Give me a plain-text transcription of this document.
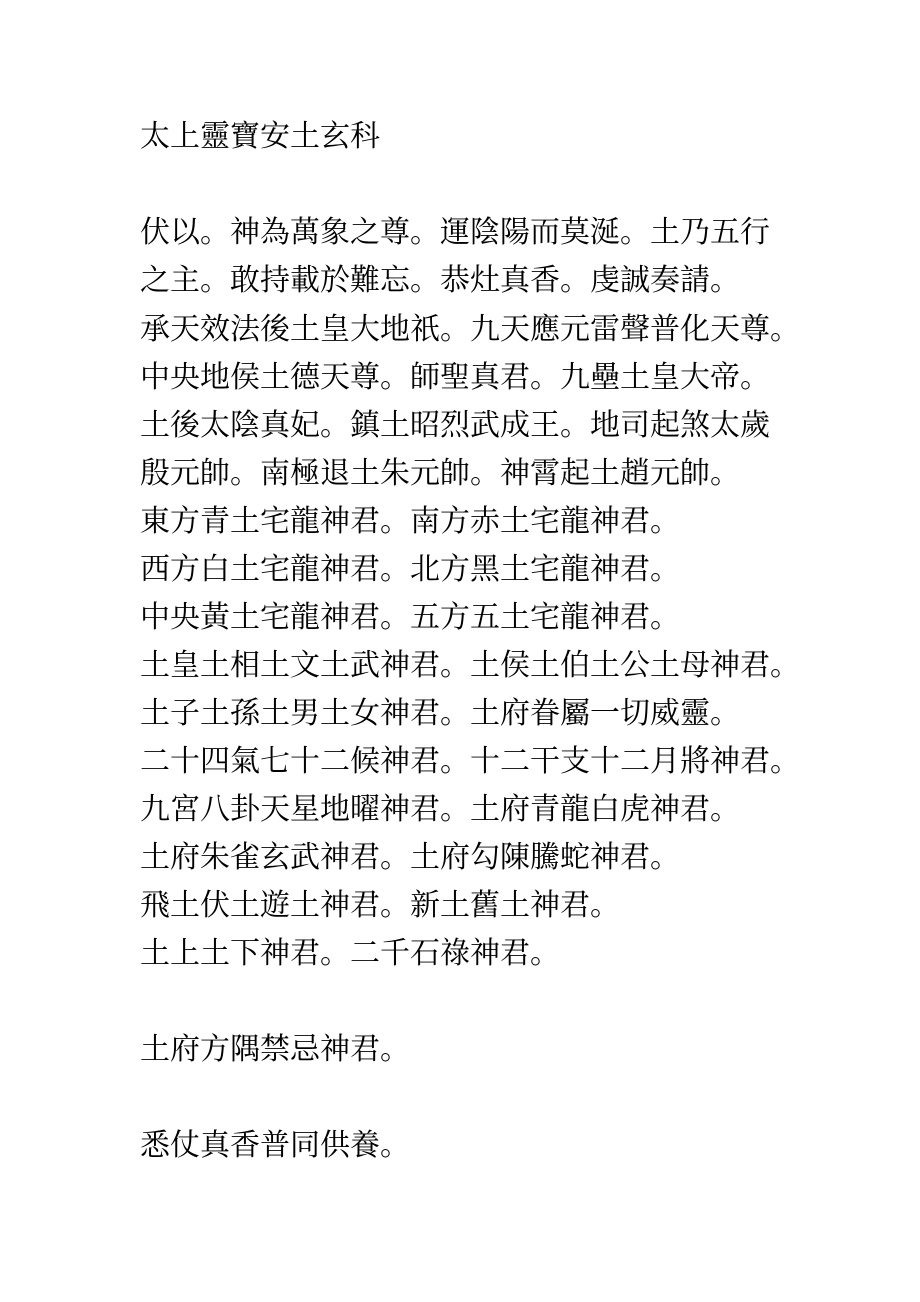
太上靈寶安土玄科
伏以。神為萬象之尊。運陰陽而莫涎。土乃五行
之主。敢持載於難忘。恭灶真香。虔誠奏請。
承天效法後土皇大地祇。九天應元雷聲普化天尊。
中央地侯土德天尊。師聖真君。九壘土皇大帝。
土後太陰真妃。鎮土昭烈武成王。地司起煞太歲
殷元帥。南極退土朱元帥。神霄起土趙元帥。
東方青土宅龍神君。南方赤土宅龍神君。
西方白土宅龍神君。北方黑土宅龍神君。
中央黃土宅龍神君。五方五土宅龍神君。
土皇土相土文土武神君。土侯土伯土公土母神君。
土子土孫土男土女神君。土府眷屬一切威靈。
二十四氣七十二候神君。十二干支十二月將神君。
九宮八卦天星地曜神君。土府青龍白虎神君。
土府朱雀玄武神君。土府勾陳騰蛇神君。
飛土伏土遊土神君。新土舊土神君。
土上土下神君。二千石祿神君。
土府方隅禁忌神君。
悉仗真香普同供養。
